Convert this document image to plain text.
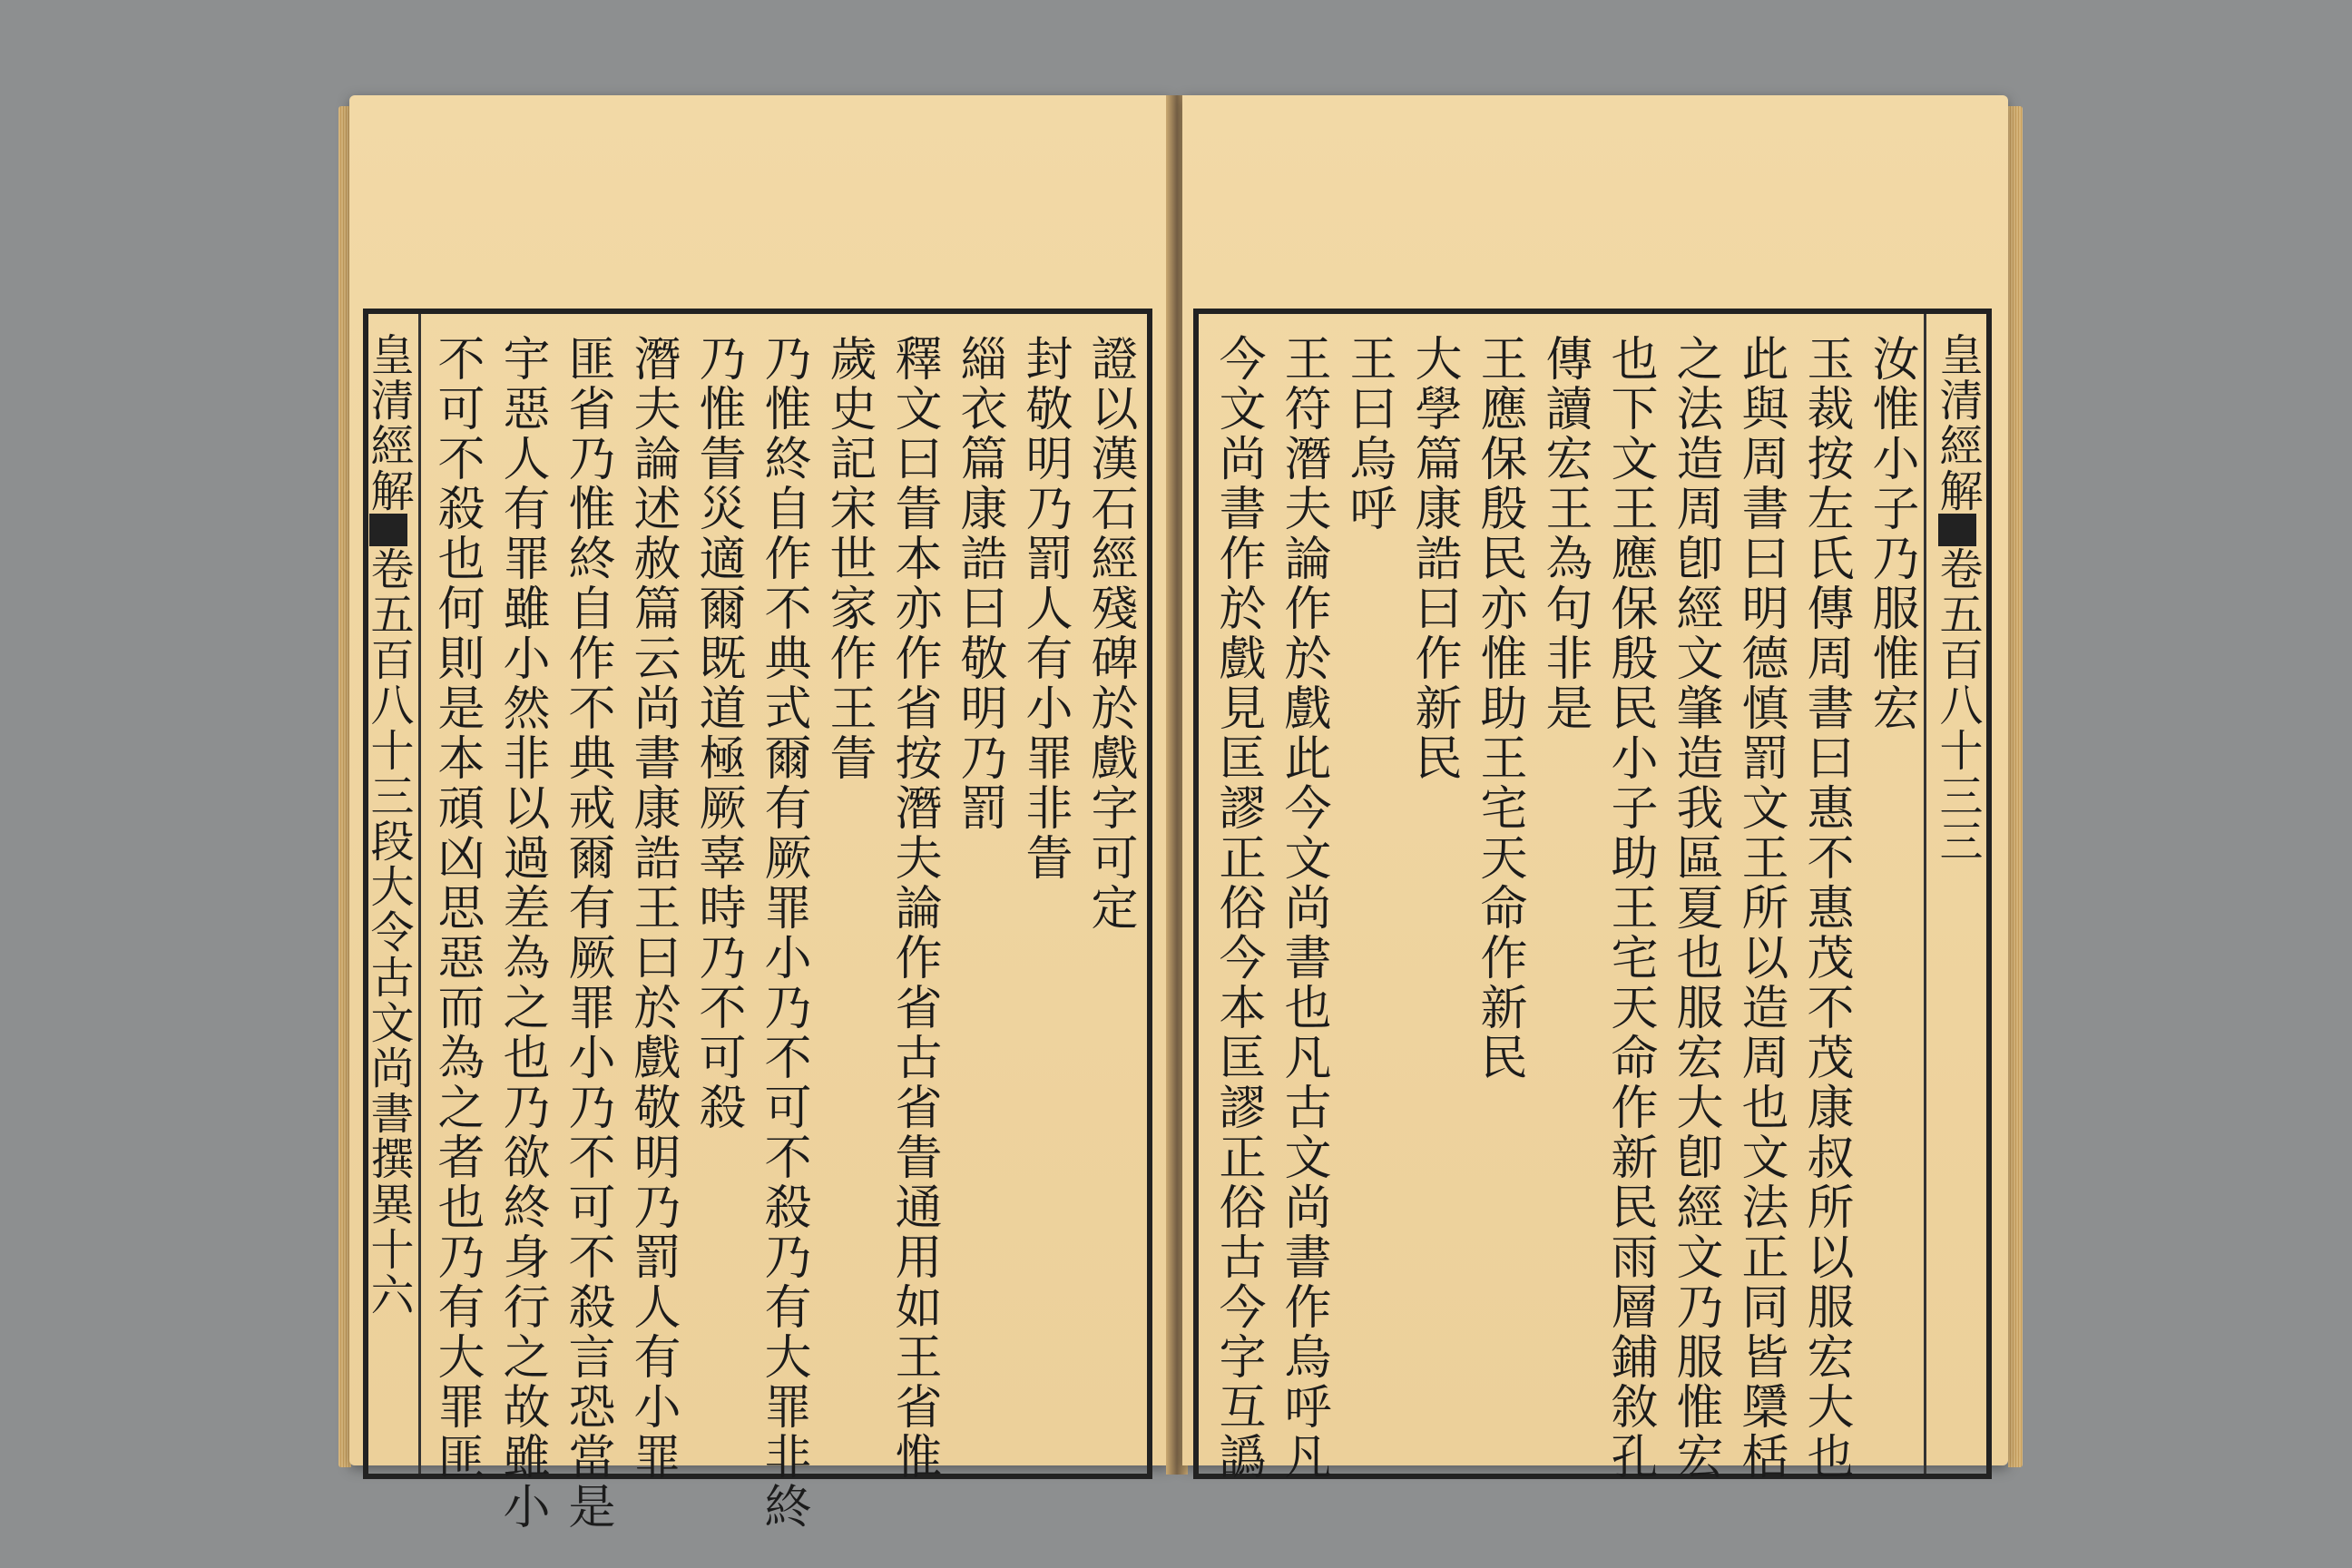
證以漢石經殘碑於戲字可定
封敬明乃罰人有小罪非眚
緇衣篇康誥曰敬明乃罰
釋文曰眚本亦作省按潛夫論作省古省眚通用如王省惟
歲史記宋世家作王眚
乃惟終自作不典式爾有厥罪小乃不可不殺乃有大罪非終
乃惟眚災適爾既道極厥辜時乃不可殺
潛夫論述赦篇云尚書康誥王曰於戲敬明乃罰人有小罪
匪省乃惟終自作不典戒爾有厥罪小乃不可不殺言恐當是
宇惡人有罪雖小然非以過差為之也乃欲終身行之故雖小
不可不殺也何則是本頑凶思惡而為之者也乃有大罪匪
皇清經解卷五百八十三段大令古文尚書撰異十六
皇清經解卷五百八十三三
汝惟小子乃服惟宏
玉裁按左氏傳周書曰惠不惠茂不茂康叔所以服宏大也
此與周書曰明德慎罰文王所以造周也文法正同皆檃栝
之法造周卽經文肇造我區夏也服宏大卽經文乃服惟宏
也下文王應保殷民小子助王宅天命作新民雨層鋪敘孔
傳讀宏王為句非是
王應保殷民亦惟助王宅天命作新民
大學篇康誥曰作新民
王曰烏呼
王符潛夫論作於戲此今文尚書也凡古文尚書作烏呼凡
今文尚書作於戲見匡謬正俗今本匡謬正俗古今字互譌
